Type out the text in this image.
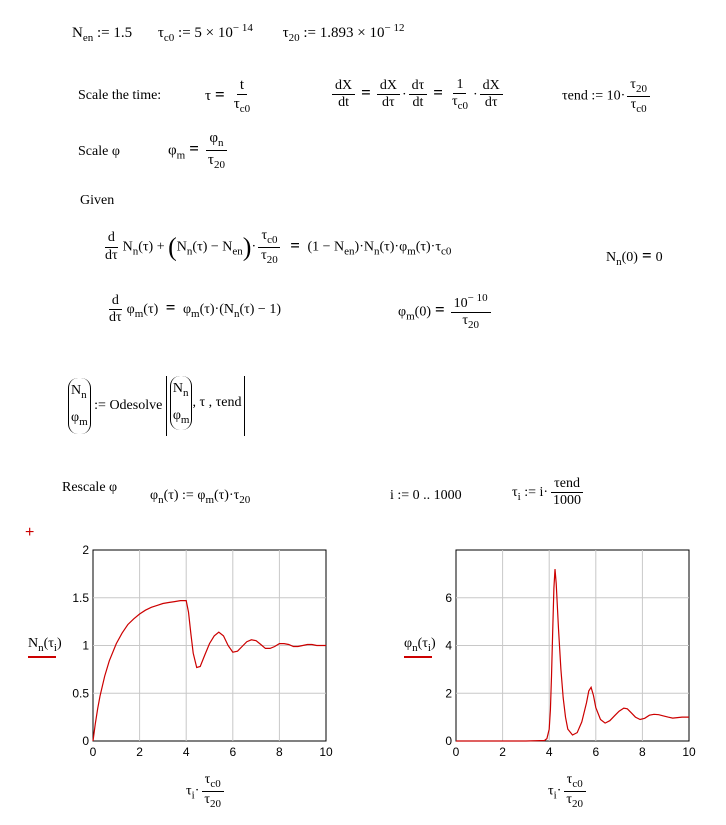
$N_{en}$ := 1.5 $\tau_{c0}$ := $5 \times 10^{- 14}$ $\tau_{20}$ := $1.893 \times 10^{- 12}$
Scale the time:	$\tau = \frac{t}{\tau_{c0}}$	$\frac{dX}{dt} = \frac{dX}{d\tau} \cdot \frac{d\tau}{dt} = \frac{1}{\tau_{c0}} \cdot \frac{dX}{d\tau}$	τend := $10\cdot \frac{\tau_{20}}{\tau_{c0}}$
Scale φ	$\varphi_m = \frac{\varphi_n}{\tau_{20}}$
Given
$\frac{d}{d\tau} N_n(\tau) + (N_n(\tau) - N_{en})\cdot \frac{\tau_{c0}}{\tau_{20}} = (1 - N_{en})\cdot N_n(\tau)\cdot\varphi_m(\tau)\cdot\tau_{c0}$	$N_n(0) = 0$
$\frac{d}{d\tau} \varphi_m(\tau) = \varphi_m(\tau)\cdot(N_n(\tau) - 1)$	$\varphi_m(0) = \frac{10^{- 10}}{\tau_{20}}$
$N_n$
$\varphi_m$
:= Odesolve
$N_n$
$\varphi_m$
, τ , τend
Rescale φ
$\varphi_n(\tau)$ := $\varphi_m(\tau)\cdot\tau_{20}$	i := 0 .. 1000	$\tau_i$ := $i\cdot \frac{\text{τend}}{1000}$
+
0	2	4	6	8	10
0
0.5
1
1.5
2
$N_n(\tau_i)$
$\tau_i\cdot \frac{\tau_{c0}}{\tau_{20}}$
0	2	4	6	8	10
0
2
4
6
$\varphi_n(\tau_i)$
$\tau_i\cdot \frac{\tau_{c0}}{\tau_{20}}$
